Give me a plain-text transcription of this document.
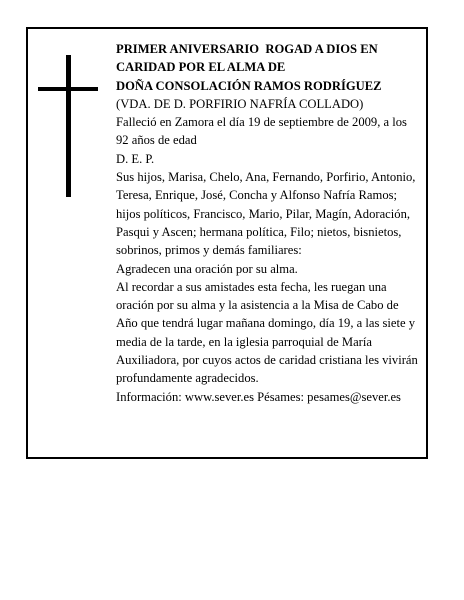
PRIMER ANIVERSARIO  ROGAD A DIOS EN

CARIDAD POR EL ALMA DE

DOÑA CONSOLACIÓN RAMOS RODRÍGUEZ

(VDA. DE D. PORFIRIO NAFRÍA COLLADO)

Falleció en Zamora el día 19 de septiembre de 2009, a los 92 años de edad

D. E. P.

Sus hijos, Marisa, Chelo, Ana, Fernando, Porfirio, Antonio, Teresa, Enrique, José, Concha y Alfonso Nafría Ramos; hijos políticos, Francisco, Mario, Pilar, Magín, Adoración, Pasqui y Ascen; hermana política, Filo; nietos, bisnietos, sobrinos, primos y demás familiares:

Agradecen una oración por su alma.

Al recordar a sus amistades esta fecha, les ruegan una oración por su alma y la asistencia a la Misa de Cabo de Año que tendrá lugar mañana domingo, día 19, a las siete y media de la tarde, en la iglesia parroquial de María Auxiliadora, por cuyos actos de caridad cristiana les vivirán profundamente agradecidos.

Información: www.sever.es Pésames: pesames@sever.es
